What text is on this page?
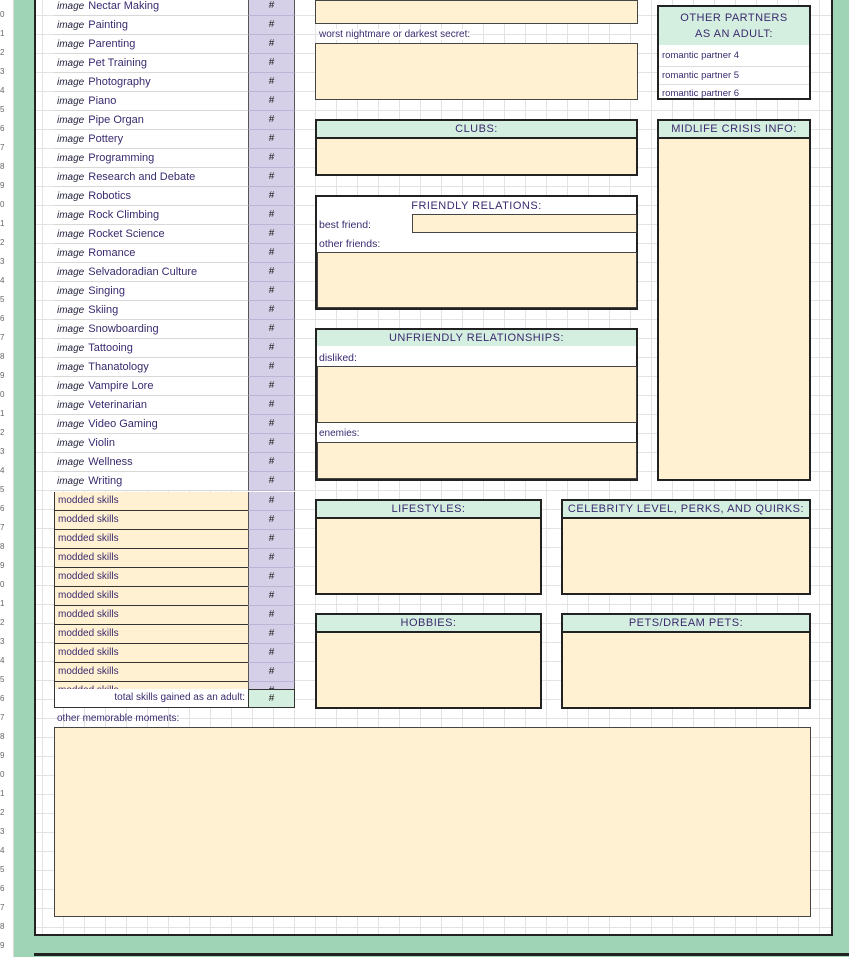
0
1
2
3
4
5
6
7
8
9
0
1
2
3
4
5
6
7
8
9
0
1
2
3
4
5
6
7
8
9
0
1
2
3
4
5
6
7
8
9
0
1
2
3
4
5
6
7
8
9
image Nectar Making	#
image Painting	#
image Parenting	#
image Pet Training	#
image Photography	#
image Piano	#
image Pipe Organ	#
image Pottery	#
image Programming	#
image Research and Debate	#
image Robotics	#
image Rock Climbing	#
image Rocket Science	#
image Romance	#
image Selvadoradian Culture	#
image Singing	#
image Skiing	#
image Snowboarding	#
image Tattooing	#
image Thanatology	#
image Vampire Lore	#
image Veterinarian	#
image Video Gaming	#
image Violin	#
image Wellness	#
image Writing	#
modded skills	#
modded skills	#
modded skills	#
modded skills	#
modded skills	#
modded skills	#
modded skills	#
modded skills	#
modded skills	#
modded skills	#
total skills gained as an adult:	#
worst nightmare or darkest secret:
OTHER PARTNERS
AS AN ADULT:
romantic partner 4
romantic partner 5
romantic partner 6
CLUBS:	MIDLIFE CRISIS INFO:
FRIENDLY RELATIONS:
best friend:
other friends:
UNFRIENDLY RELATIONSHIPS:
disliked:
enemies:
LIFESTYLES:	CELEBRITY LEVEL, PERKS, AND QUIRKS:
HOBBIES:	PETS/DREAM PETS:
other memorable moments:
